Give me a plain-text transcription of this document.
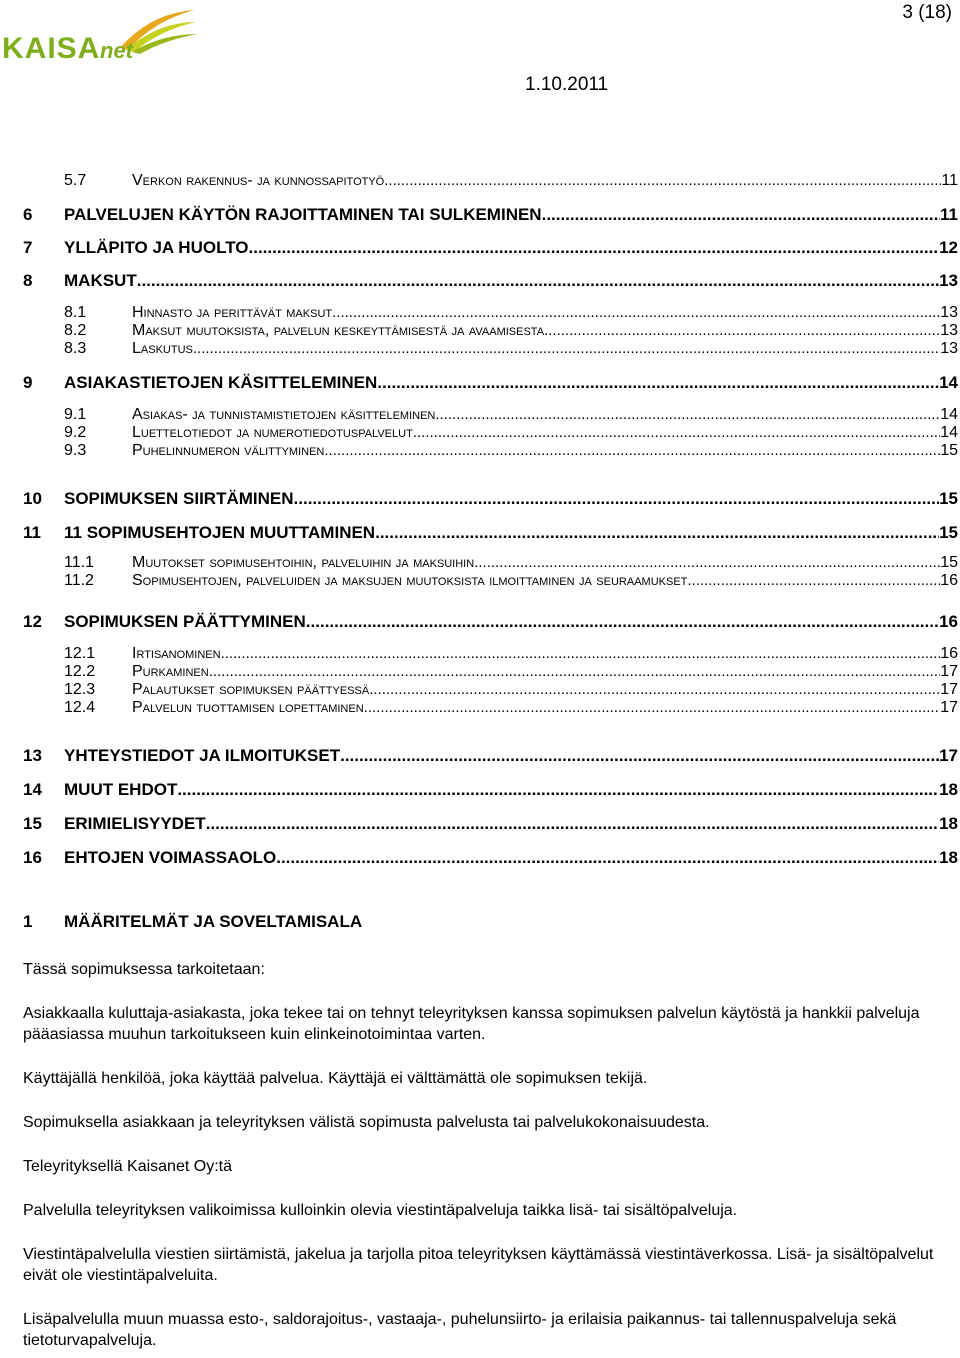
KAISA net
3 (18)
1.10.2011
5.7	Verkon rakennus- ja kunnossapitotyö .....	11
6	PALVELUJEN KÄYTÖN RAJOITTAMINEN TAI SULKEMINEN .....	11
7	YLLÄPITO JA HUOLTO .....	12
8	MAKSUT .....	13
8.1	Hinnasto ja perittävät maksut .....	13
8.2	Maksut muutoksista, palvelun keskeyttämisestä ja avaamisesta .....	13
8.3	Laskutus .....	13
9	ASIAKASTIETOJEN KÄSITTELEMINEN .....	14
9.1	Asiakas- ja tunnistamistietojen käsitteleminen .....	14
9.2	Luettelotiedot ja numerotiedotuspalvelut .....	14
9.3	Puhelinnumeron välittyminen .....	15
10	SOPIMUKSEN SIIRTÄMINEN .....	15
11	11 SOPIMUSEHTOJEN MUUTTAMINEN .....	15
11.1	Muutokset sopimusehtoihin, palveluihin ja maksuihin .....	15
11.2	Sopimusehtojen, palveluiden ja maksujen muutoksista ilmoittaminen ja seuraamukset .....	16
12	SOPIMUKSEN PÄÄTTYMINEN .....	16
12.1	Irtisanominen .....	16
12.2	Purkaminen .....	17
12.3	Palautukset sopimuksen päättyessä .....	17
12.4	Palvelun tuottamisen lopettaminen .....	17
13	YHTEYSTIEDOT JA ILMOITUKSET .....	17
14	MUUT EHDOT .....	18
15	ERIMIELISYYDET .....	18
16	EHTOJEN VOIMASSAOLO .....	18
1 MÄÄRITELMÄT JA SOVELTAMISALA

Tässä sopimuksessa tarkoitetaan:

Asiakkaalla kuluttaja-asiakasta, joka tekee tai on tehnyt teleyrityksen kanssa sopimuksen palvelun käytöstä ja hankkii palveluja pääasiassa muuhun tarkoitukseen kuin elinkeinotoimintaa varten.

Käyttäjällä henkilöä, joka käyttää palvelua. Käyttäjä ei välttämättä ole sopimuksen tekijä.

Sopimuksella asiakkaan ja teleyrityksen välistä sopimusta palvelusta tai palvelukokonaisuudesta.

Teleyrityksellä Kaisanet Oy:tä

Palvelulla teleyrityksen valikoimissa kulloinkin olevia viestintäpalveluja taikka lisä- tai sisältöpalveluja.

Viestintäpalvelulla viestien siirtämistä, jakelua ja tarjolla pitoa teleyrityksen käyttämässä viestintäverkossa. Lisä- ja sisältöpalvelut eivät ole viestintäpalveluita.

Lisäpalvelulla muun muassa esto-, saldorajoitus-, vastaaja-, puhelunsiirto- ja erilaisia paikannus- tai tallennuspalveluja sekä tietoturvapalveluja.
